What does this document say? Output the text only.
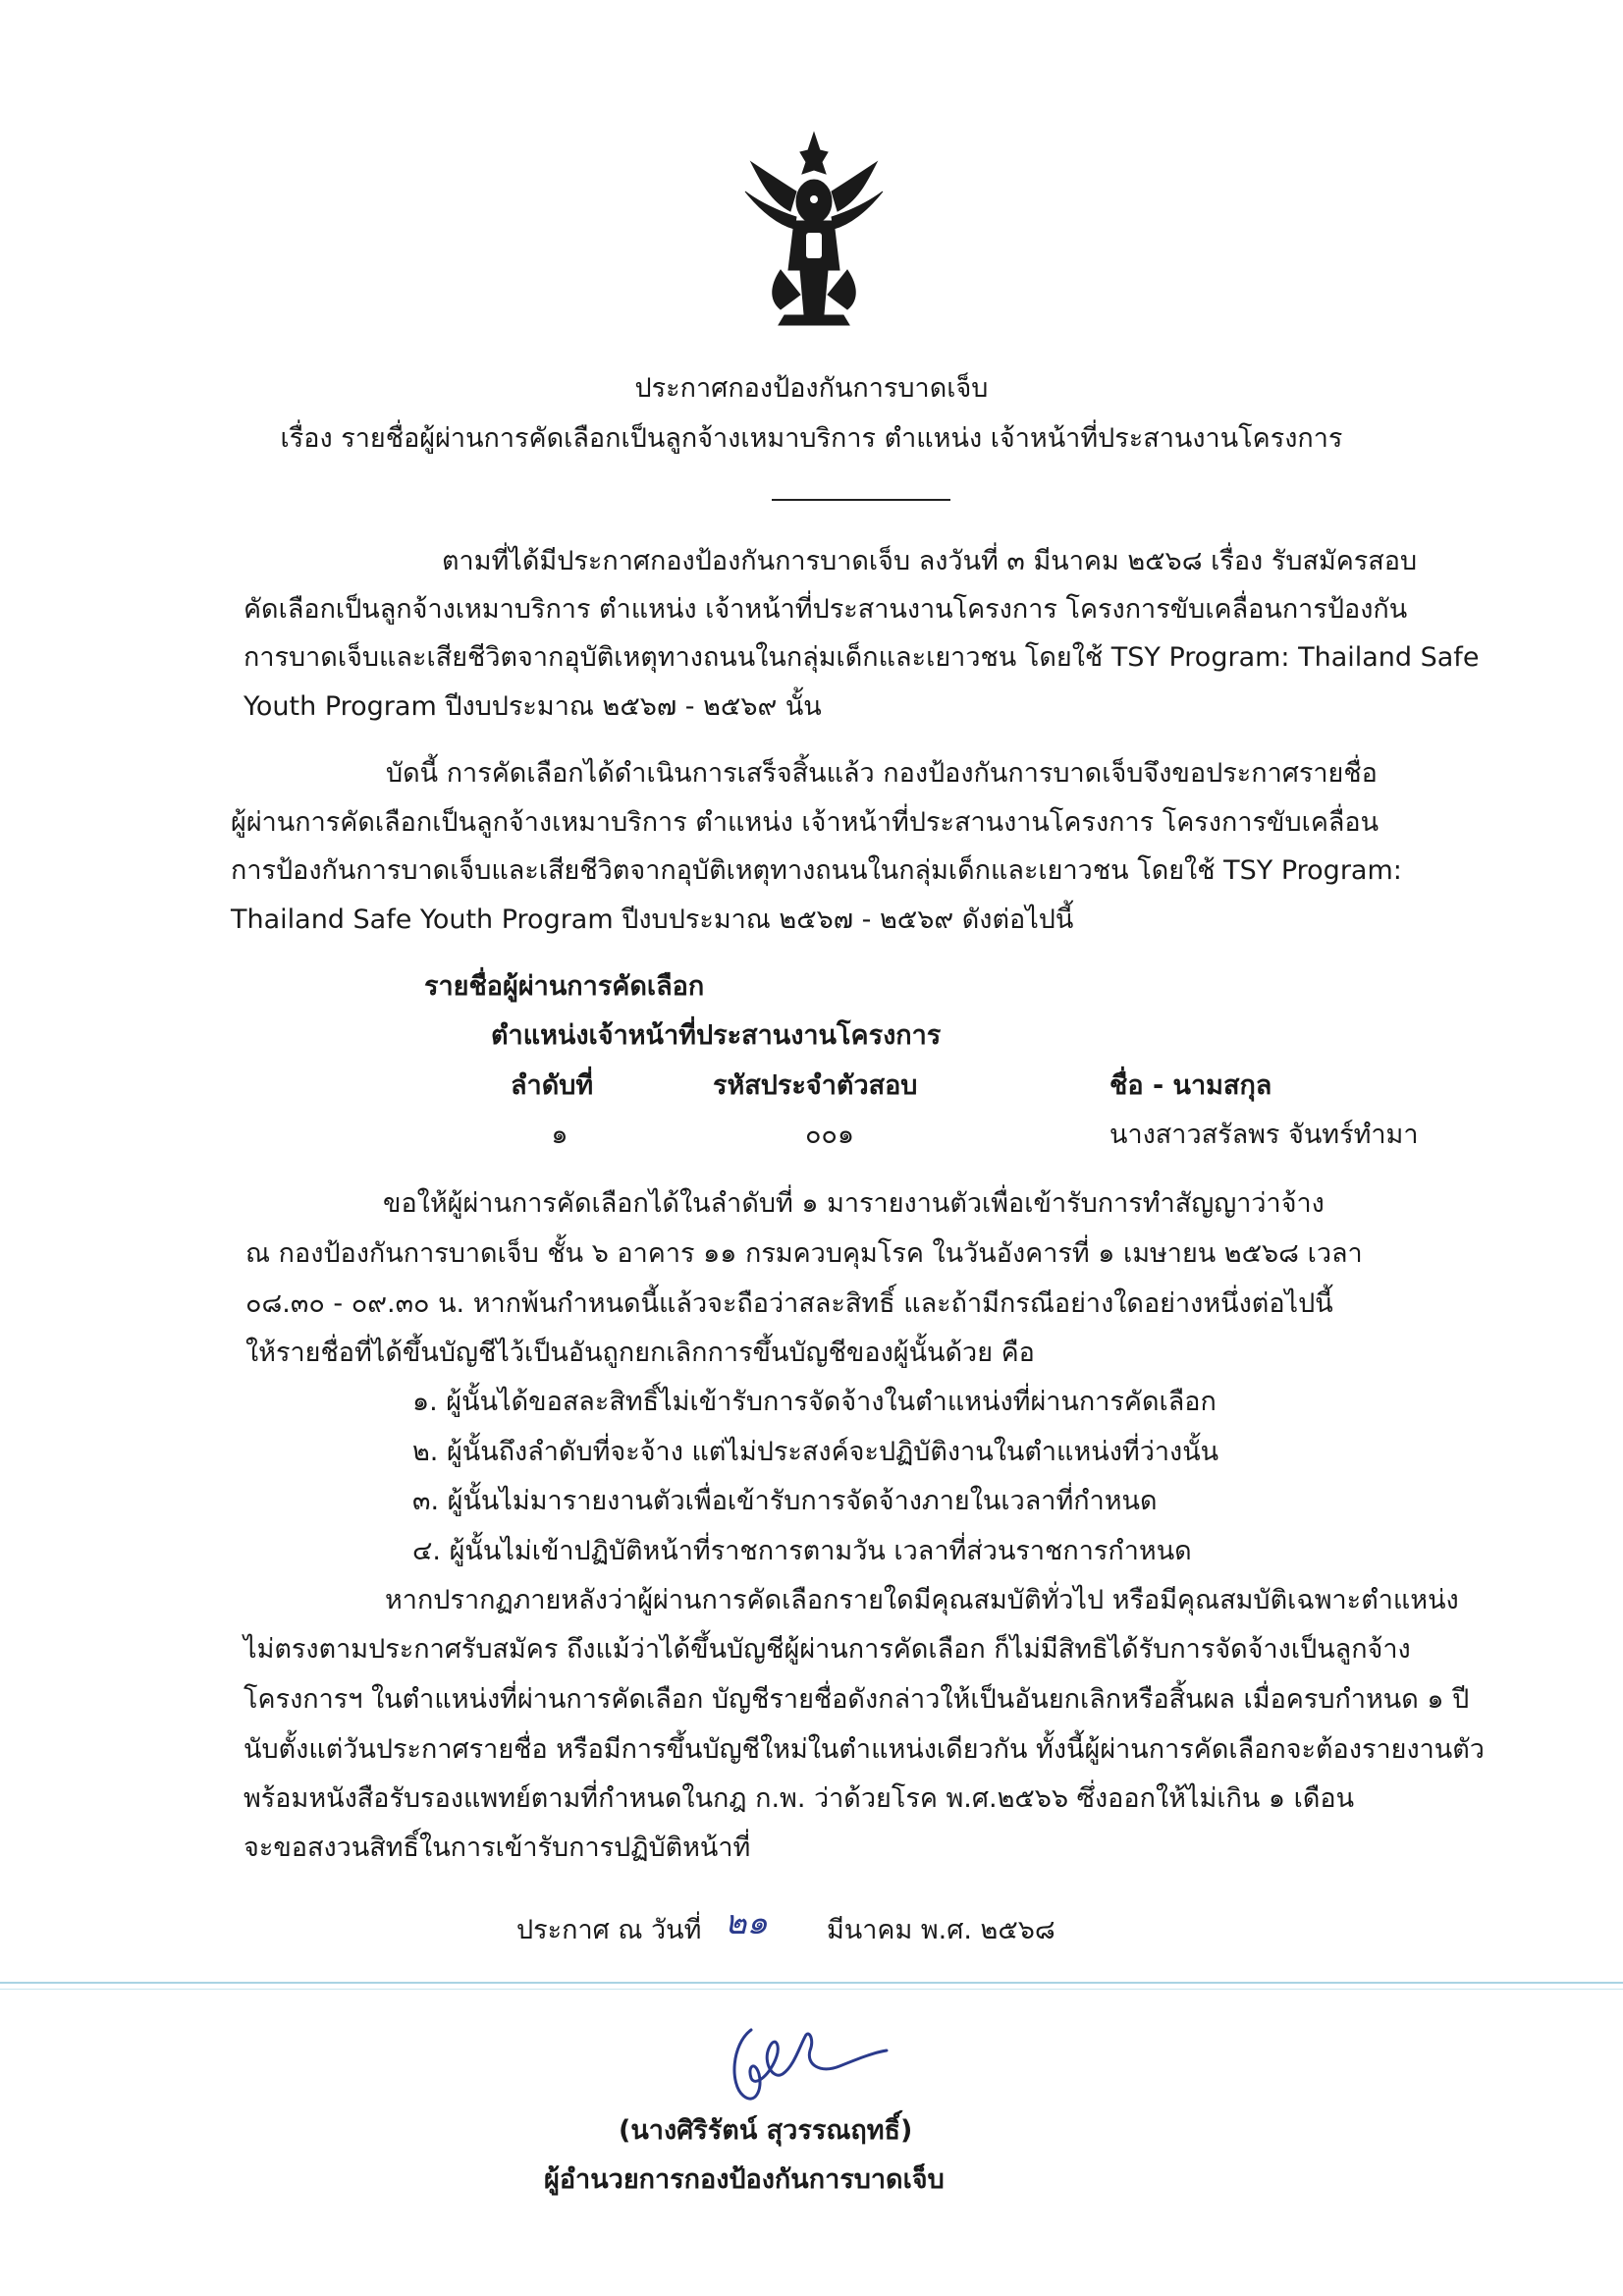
ประกาศกองป้องกันการบาดเจ็บ
เรื่อง รายชื่อผู้ผ่านการคัดเลือกเป็นลูกจ้างเหมาบริการ ตำแหน่ง เจ้าหน้าที่ประสานงานโครงการ
ตามที่ได้มีประกาศกองป้องกันการบาดเจ็บ ลงวันที่ ๓ มีนาคม ๒๕๖๘ เรื่อง รับสมัครสอบ
คัดเลือกเป็นลูกจ้างเหมาบริการ ตำแหน่ง เจ้าหน้าที่ประสานงานโครงการ โครงการขับเคลื่อนการป้องกัน
การบาดเจ็บและเสียชีวิตจากอุบัติเหตุทางถนนในกลุ่มเด็กและเยาวชน โดยใช้ TSY Program: Thailand Safe
Youth Program ปีงบประมาณ ๒๕๖๗ - ๒๕๖๙ นั้น
บัดนี้ การคัดเลือกได้ดำเนินการเสร็จสิ้นแล้ว กองป้องกันการบาดเจ็บจึงขอประกาศรายชื่อ
ผู้ผ่านการคัดเลือกเป็นลูกจ้างเหมาบริการ ตำแหน่ง เจ้าหน้าที่ประสานงานโครงการ โครงการขับเคลื่อน
การป้องกันการบาดเจ็บและเสียชีวิตจากอุบัติเหตุทางถนนในกลุ่มเด็กและเยาวชน โดยใช้ TSY Program:
Thailand Safe Youth Program ปีงบประมาณ ๒๕๖๗ - ๒๕๖๙ ดังต่อไปนี้
รายชื่อผู้ผ่านการคัดเลือก
ตำแหน่งเจ้าหน้าที่ประสานงานโครงการ
ลำดับที่	รหัสประจำตัวสอบ	ชื่อ - นามสกุล
๑	๐๐๑	นางสาวสรัลพร จันทร์ทำมา
ขอให้ผู้ผ่านการคัดเลือกได้ในลำดับที่ ๑ มารายงานตัวเพื่อเข้ารับการทำสัญญาว่าจ้าง
ณ กองป้องกันการบาดเจ็บ ชั้น ๖ อาคาร ๑๑ กรมควบคุมโรค ในวันอังคารที่ ๑ เมษายน ๒๕๖๘ เวลา
๐๘.๓๐ - ๐๙.๓๐ น. หากพ้นกำหนดนี้แล้วจะถือว่าสละสิทธิ์ และถ้ามีกรณีอย่างใดอย่างหนึ่งต่อไปนี้
ให้รายชื่อที่ได้ขึ้นบัญชีไว้เป็นอันถูกยกเลิกการขึ้นบัญชีของผู้นั้นด้วย คือ
๑. ผู้นั้นได้ขอสละสิทธิ์ไม่เข้ารับการจัดจ้างในตำแหน่งที่ผ่านการคัดเลือก
๒. ผู้นั้นถึงลำดับที่จะจ้าง แต่ไม่ประสงค์จะปฏิบัติงานในตำแหน่งที่ว่างนั้น
๓. ผู้นั้นไม่มารายงานตัวเพื่อเข้ารับการจัดจ้างภายในเวลาที่กำหนด
๔. ผู้นั้นไม่เข้าปฏิบัติหน้าที่ราชการตามวัน เวลาที่ส่วนราชการกำหนด
หากปรากฏภายหลังว่าผู้ผ่านการคัดเลือกรายใดมีคุณสมบัติทั่วไป หรือมีคุณสมบัติเฉพาะตำแหน่ง
ไม่ตรงตามประกาศรับสมัคร ถึงแม้ว่าได้ขึ้นบัญชีผู้ผ่านการคัดเลือก ก็ไม่มีสิทธิได้รับการจัดจ้างเป็นลูกจ้าง
โครงการฯ ในตำแหน่งที่ผ่านการคัดเลือก บัญชีรายชื่อดังกล่าวให้เป็นอันยกเลิกหรือสิ้นผล เมื่อครบกำหนด ๑ ปี
นับตั้งแต่วันประกาศรายชื่อ หรือมีการขึ้นบัญชีใหม่ในตำแหน่งเดียวกัน ทั้งนี้ผู้ผ่านการคัดเลือกจะต้องรายงานตัว
พร้อมหนังสือรับรองแพทย์ตามที่กำหนดในกฎ ก.พ. ว่าด้วยโรค พ.ศ.๒๕๖๖ ซึ่งออกให้ไม่เกิน ๑ เดือน
จะขอสงวนสิทธิ์ในการเข้ารับการปฏิบัติหน้าที่
ประกาศ ณ วันที่ ๒๑ มีนาคม พ.ศ. ๒๕๖๘
(นางศิริรัตน์ สุวรรณฤทธิ์)
ผู้อำนวยการกองป้องกันการบาดเจ็บ
